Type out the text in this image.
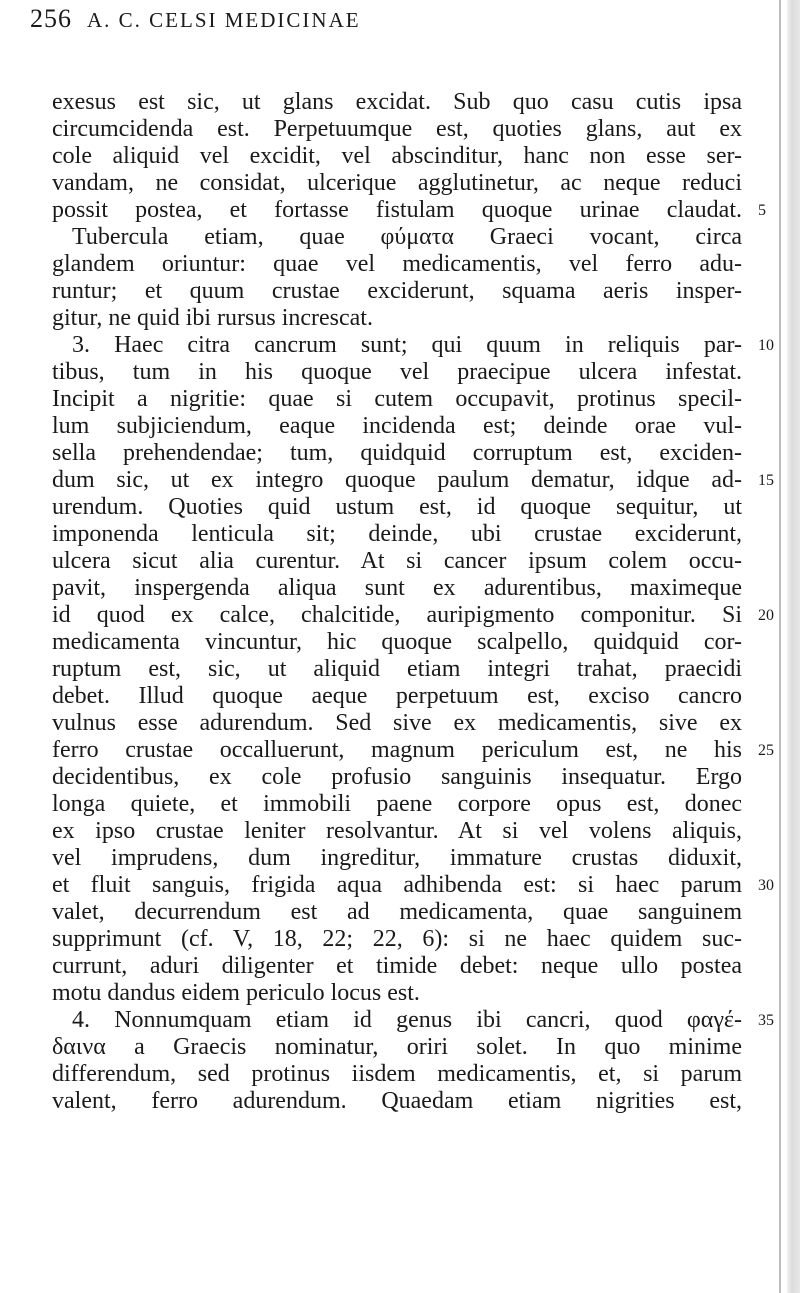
256 A. C. CELSI MEDICINAE
exesus est sic, ut glans excidat. Sub quo casu cutis ipsa
circumcidenda est. Perpetuumque est, quoties glans, aut ex
cole aliquid vel excidit, vel abscinditur, hanc non esse ser-
vandam, ne considat, ulcerique agglutinetur, ac neque reduci
possit postea, et fortasse fistulam quoque urinae claudat. 5
Tubercula etiam, quae φύματα Graeci vocant, circa
glandem oriuntur: quae vel medicamentis, vel ferro adu-
runtur; et quum crustae exciderunt, squama aeris insper-
gitur, ne quid ibi rursus increscat.
3. Haec citra cancrum sunt; qui quum in reliquis par- 10
tibus, tum in his quoque vel praecipue ulcera infestat.
Incipit a nigritie: quae si cutem occupavit, protinus specil-
lum subjiciendum, eaque incidenda est; deinde orae vul-
sella prehendendae; tum, quidquid corruptum est, exciden-
dum sic, ut ex integro quoque paulum dematur, idque ad- 15
urendum. Quoties quid ustum est, id quoque sequitur, ut
imponenda lenticula sit; deinde, ubi crustae exciderunt,
ulcera sicut alia curentur. At si cancer ipsum colem occu-
pavit, inspergenda aliqua sunt ex adurentibus, maximeque
id quod ex calce, chalcitide, auripigmento componitur. Si 20
medicamenta vincuntur, hic quoque scalpello, quidquid cor-
ruptum est, sic, ut aliquid etiam integri trahat, praecidi
debet. Illud quoque aeque perpetuum est, exciso cancro
vulnus esse adurendum. Sed sive ex medicamentis, sive ex
ferro crustae occalluerunt, magnum periculum est, ne his 25
decidentibus, ex cole profusio sanguinis insequatur. Ergo
longa quiete, et immobili paene corpore opus est, donec
ex ipso crustae leniter resolvantur. At si vel volens aliquis,
vel imprudens, dum ingreditur, immature crustas diduxit,
et fluit sanguis, frigida aqua adhibenda est: si haec parum 30
valet, decurrendum est ad medicamenta, quae sanguinem
supprimunt (cf. V, 18, 22; 22, 6): si ne haec quidem suc-
currunt, aduri diligenter et timide debet: neque ullo postea
motu dandus eidem periculo locus est.
4. Nonnumquam etiam id genus ibi cancri, quod φαγέ- 35
δαινα a Graecis nominatur, oriri solet. In quo minime
differendum, sed protinus iisdem medicamentis, et, si parum
valent, ferro adurendum. Quaedam etiam nigrities est,
